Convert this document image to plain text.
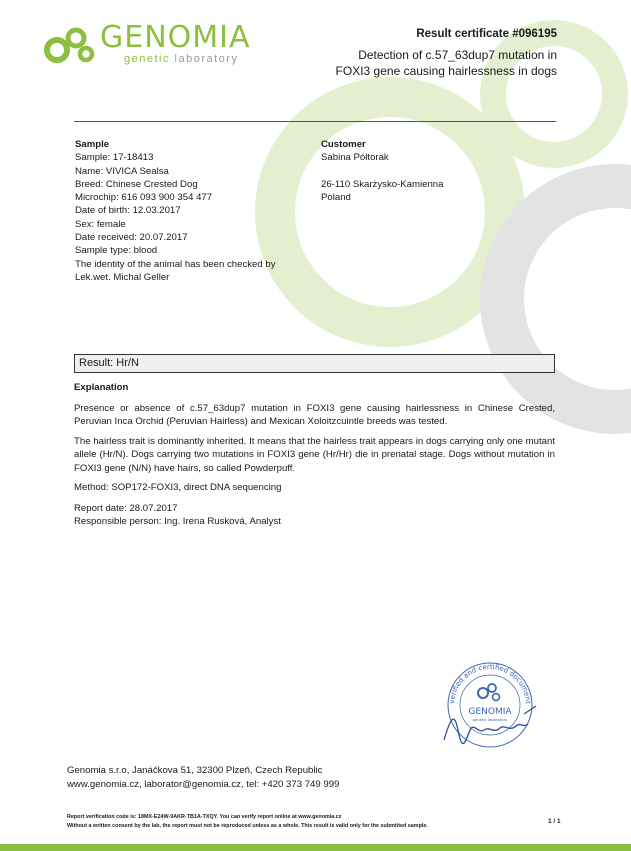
GENOMIA
genetic laboratory
Result certificate #096195
Detection of c.57_63dup7 mutation in
FOXI3 gene causing hairlessness in dogs
Sample
Sample: 17-18413
Name: VIVICA Sealsa
Breed: Chinese Crested Dog
Microchip: 616 093 900 354 477
Date of birth: 12.03.2017
Sex: female
Date received: 20.07.2017
Sample type: blood
The identity of the animal has been checked by
Lek.wet. Michal Geller
Customer
Sabina Półtorak
26-110 Skarżysko-Kamienna
Poland
Result: Hr/N
Explanation
Presence or absence of c.57_63dup7 mutation in FOXI3 gene causing hairlessness in Chinese Crested, Peruvian Inca Orchid (Peruvian Hairless) and Mexican Xoloitzcuintle breeds was tested.
The hairless trait is dominantly inherited. It means that the hairless trait appears in dogs carrying only one mutant allele (Hr/N). Dogs carrying two mutations in FOXI3 gene (Hr/Hr) die in prenatal stage. Dogs without mutation in FOXI3 gene (N/N) have hairs, so called Powderpuff.
Method: SOP172-FOXI3, direct DNA sequencing
Report date: 28.07.2017
Responsible person: Ing. Irena Rusková, Analyst
verified and certified document
GENOMIA
genetic laboratory
Genomia s.r.o, Janáčkova 51, 32300 Plzeň, Czech Republic
www.genomia.cz, laborator@genomia.cz, tel: +420 373 749 999
Report verification code is: 18MX-E24W-9AKR-TB1A-TXQY. You can verify report online at www.genomia.cz
Without a written consent by the lab, the report must not be reproduced unless as a whole. This result is valid only for the submitted sample.
1 / 1
